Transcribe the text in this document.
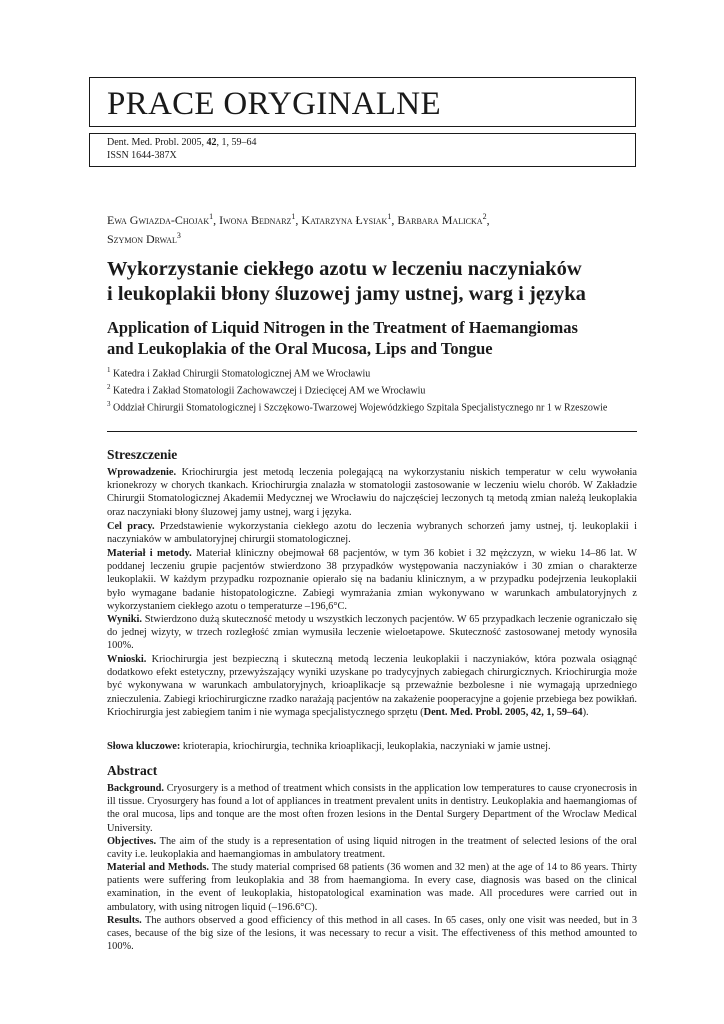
PRACE ORYGINALNE
Dent. Med. Probl. 2005, 42, 1, 59–64
ISSN 1644-387X
Ewa Gwiazda-Chojak$^1$, Iwona Bednarz$^1$, Katarzyna Łysiak$^1$, Barbara Malicka$^2$,
Szymon Drwal$^3$
Wykorzystanie ciekłego azotu w leczeniu naczyniaków
i leukoplakii błony śluzowej jamy ustnej, warg i języka
Application of Liquid Nitrogen in the Treatment of Haemangiomas
and Leukoplakia of the Oral Mucosa, Lips and Tongue
$^1$ Katedra i Zakład Chirurgii Stomatologicznej AM we Wrocławiu
$^2$ Katedra i Zakład Stomatologii Zachowawczej i Dziecięcej AM we Wrocławiu
$^3$ Oddział Chirurgii Stomatologicznej i Szczękowo-Twarzowej Wojewódzkiego Szpitala Specjalistycznego nr 1 w Rzeszowie
Streszczenie
Wprowadzenie. Kriochirurgia jest metodą leczenia polegającą na wykorzystaniu niskich temperatur w celu wywołania krionekrozy w chorych tkankach. Kriochirurgia znalazła w stomatologii zastosowanie w leczeniu wielu chorób. W Zakładzie Chirurgii Stomatologicznej Akademii Medycznej we Wrocławiu do najczęściej leczonych tą metodą zmian należą leukoplakia oraz naczyniaki błony śluzowej jamy ustnej, warg i języka.
Cel pracy. Przedstawienie wykorzystania ciekłego azotu do leczenia wybranych schorzeń jamy ustnej, tj. leukoplakii i naczyniaków w ambulatoryjnej chirurgii stomatologicznej.
Materiał i metody. Materiał kliniczny obejmował 68 pacjentów, w tym 36 kobiet i 32 mężczyzn, w wieku 14–86 lat. W poddanej leczeniu grupie pacjentów stwierdzono 38 przypadków występowania naczyniaków i 30 zmian o charakterze leukoplakii. W każdym przypadku rozpoznanie opierało się na badaniu klinicznym, a w przypadku podejrzenia leukoplakii było wymagane badanie histopatologiczne. Zabiegi wymrażania zmian wykonywano w warunkach ambulatoryjnych z wykorzystaniem ciekłego azotu o temperaturze –196,6°C.
Wyniki. Stwierdzono dużą skuteczność metody u wszystkich leczonych pacjentów. W 65 przypadkach leczenie ograniczało się do jednej wizyty, w trzech rozległość zmian wymusiła leczenie wieloetapowe. Skuteczność zastosowanej metody wynosiła 100%.
Wnioski. Kriochirurgia jest bezpieczną i skuteczną metodą leczenia leukoplakii i naczyniaków, która pozwala osiągnąć dodatkowo efekt estetyczny, przewyższający wyniki uzyskane po tradycyjnych zabiegach chirurgicznych. Kriochirurgia może być wykonywana w warunkach ambulatoryjnych, krioaplikacje są przeważnie bezbolesne i nie wymagają uprzedniego znieczulenia. Zabiegi kriochirurgiczne rzadko narażają pacjentów na zakażenie pooperacyjne a gojenie przebiega bez powikłań. Kriochirurgia jest zabiegiem tanim i nie wymaga specjalistycznego sprzętu (Dent. Med. Probl. 2005, 42, 1, 59–64).
Słowa kluczowe: krioterapia, kriochirurgia, technika krioaplikacji, leukoplakia, naczyniaki w jamie ustnej.
Abstract
Background. Cryosurgery is a method of treatment which consists in the application low temperatures to cause cryonecrosis in ill tissue. Cryosurgery has found a lot of appliances in treatment prevalent units in dentistry. Leukoplakia and haemangiomas of the oral mucosa, lips and tonque are the most often frozen lesions in the Dental Surgery Department of the Wroclaw Medical University.
Objectives. The aim of the study is a representation of using liquid nitrogen in the treatment of selected lesions of the oral cavity i.e. leukoplakia and haemangiomas in ambulatory treatment.
Material and Methods. The study material comprised 68 patients (36 women and 32 men) at the age of 14 to 86 years. Thirty patients were suffering from leukoplakia and 38 from haemangioma. In every case, diagnosis was based on the clinical examination, in the event of leukoplakia, histopatological examination was made. All procedures were carried out in ambulatory, with using nitrogen liquid (–196.6°C).
Results. The authors observed a good efficiency of this method in all cases. In 65 cases, only one visit was needed, but in 3 cases, because of the big size of the lesions, it was necessary to recur a visit. The effectiveness of this method amounted to 100%.
